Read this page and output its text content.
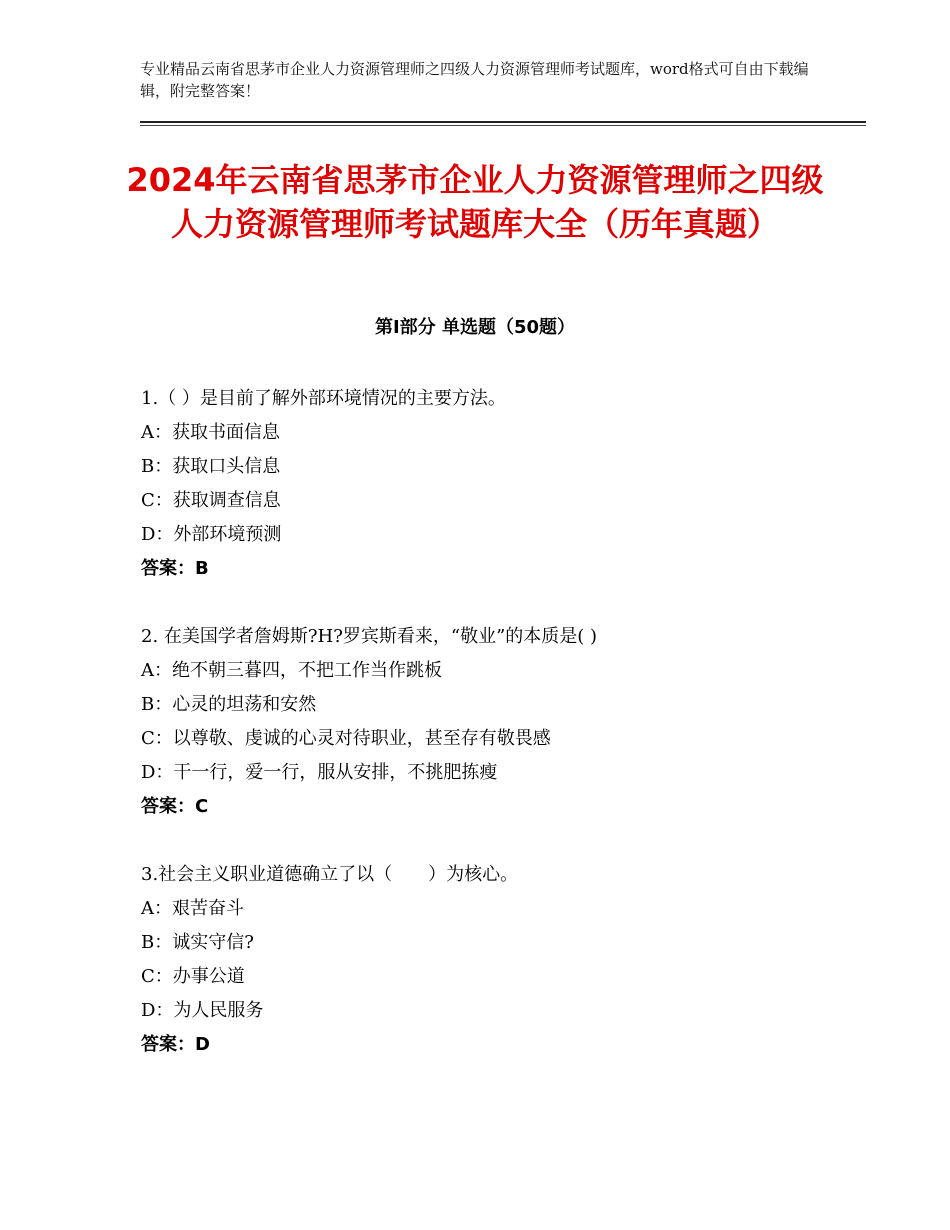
专业精品云南省思茅市企业人力资源管理师之四级人力资源管理师考试题库，word格式可自由下载编辑，附完整答案！
2024年云南省思茅市企业人力资源管理师之四级人力资源管理师考试题库大全（历年真题）
第Ⅰ部分 单选题（50题）
1.（ ）是目前了解外部环境情况的主要方法。
A：获取书面信息
B：获取口头信息
C：获取调查信息
D：外部环境预测
答案：B
2. 在美国学者詹姆斯?H?罗宾斯看来，“敬业”的本质是( )
A：绝不朝三暮四，不把工作当作跳板
B：心灵的坦荡和安然
C：以尊敬、虔诚的心灵对待职业，甚至存有敬畏感
D：干一行，爱一行，服从安排，不挑肥拣瘦
答案：C
3.社会主义职业道德确立了以（　　）为核心。
A：艰苦奋斗
B：诚实守信?
C：办事公道
D：为人民服务
答案：D
